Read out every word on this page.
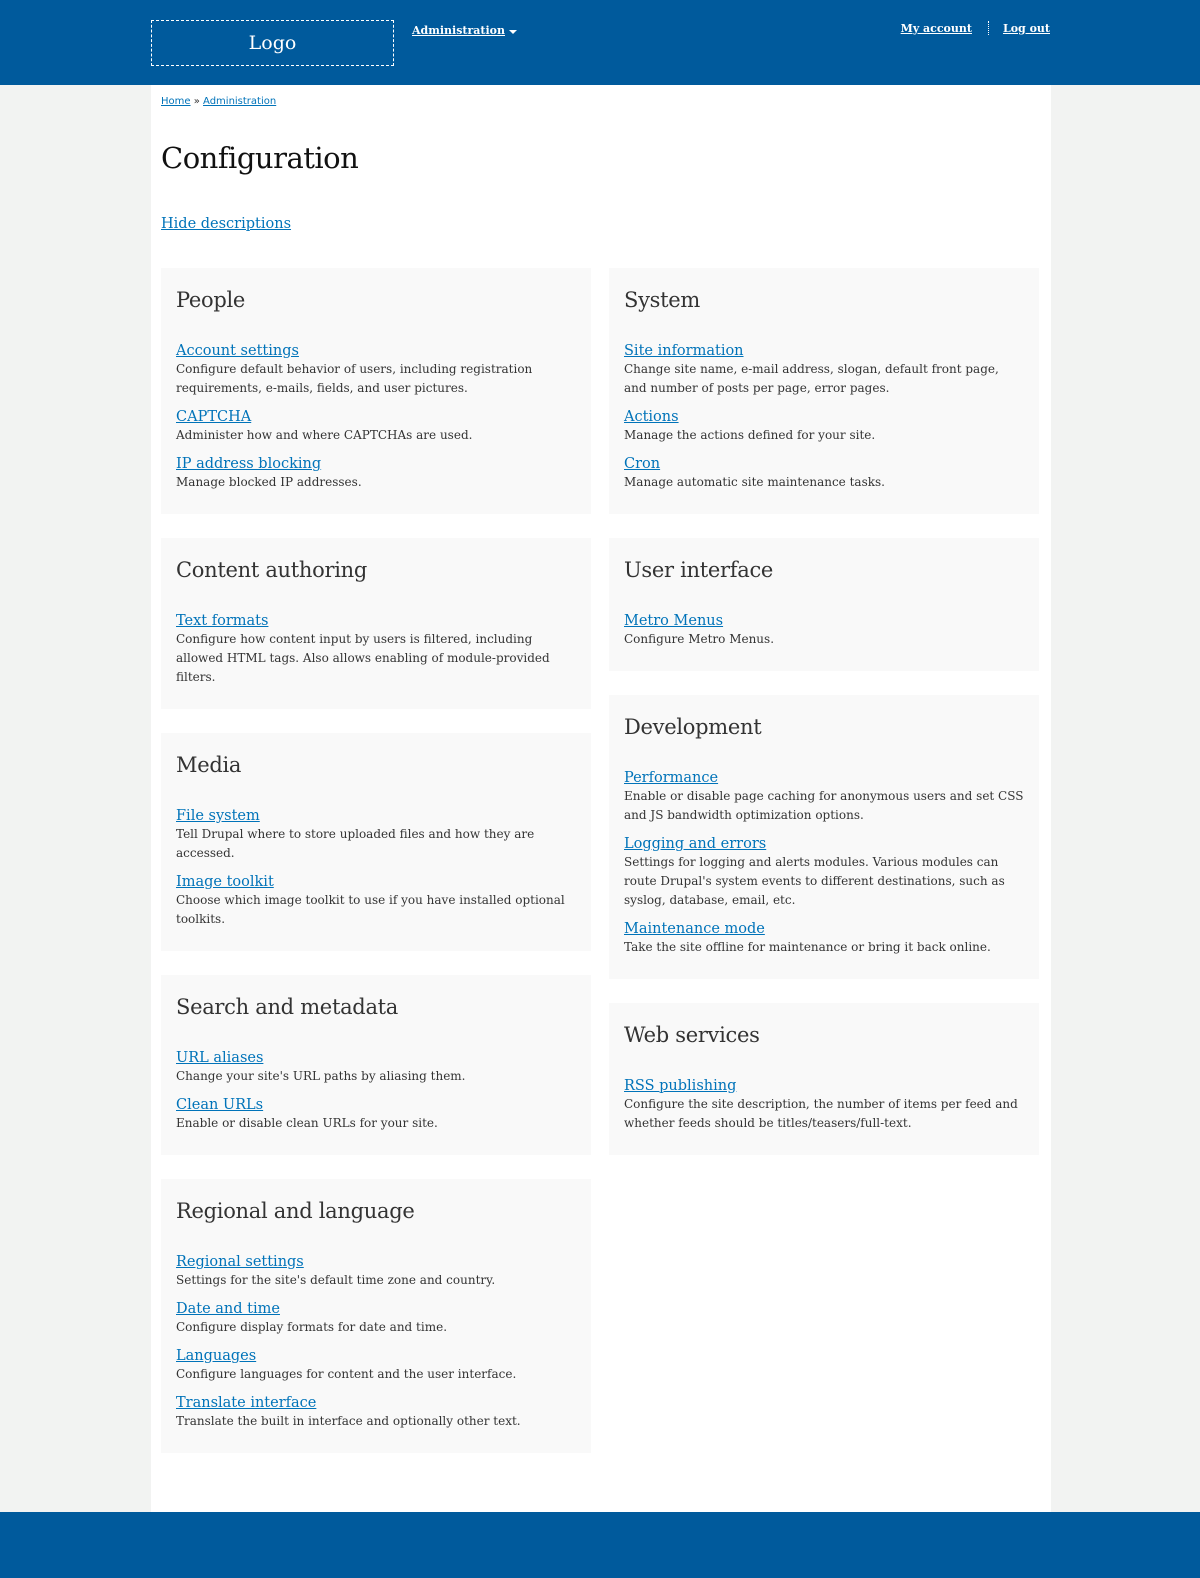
Logo
Administration	My account	Log out
Home » Administration
Configuration
Hide descriptions
People
Account settings

Configure default behavior of users, including registration requirements, e-mails, fields, and user pictures.

CAPTCHA

Administer how and where CAPTCHAs are used.

IP address blocking

Manage blocked IP addresses.

Content authoring
Text formats

Configure how content input by users is filtered, including allowed HTML tags. Also allows enabling of module-provided filters.

Media
File system

Tell Drupal where to store uploaded files and how they are accessed.

Image toolkit

Choose which image toolkit to use if you have installed optional toolkits.

Search and metadata
URL aliases

Change your site's URL paths by aliasing them.

Clean URLs

Enable or disable clean URLs for your site.

Regional and language
Regional settings

Settings for the site's default time zone and country.

Date and time

Configure display formats for date and time.

Languages

Configure languages for content and the user interface.

Translate interface

Translate the built in interface and optionally other text.

System
Site information

Change site name, e-mail address, slogan, default front page, and number of posts per page, error pages.

Actions

Manage the actions defined for your site.

Cron

Manage automatic site maintenance tasks.

User interface
Metro Menus

Configure Metro Menus.

Development
Performance

Enable or disable page caching for anonymous users and set CSS and JS bandwidth optimization options.

Logging and errors

Settings for logging and alerts modules. Various modules can route Drupal's system events to different destinations, such as syslog, database, email, etc.

Maintenance mode

Take the site offline for maintenance or bring it back online.

Web services
RSS publishing

Configure the site description, the number of items per feed and whether feeds should be titles/teasers/full-text.
